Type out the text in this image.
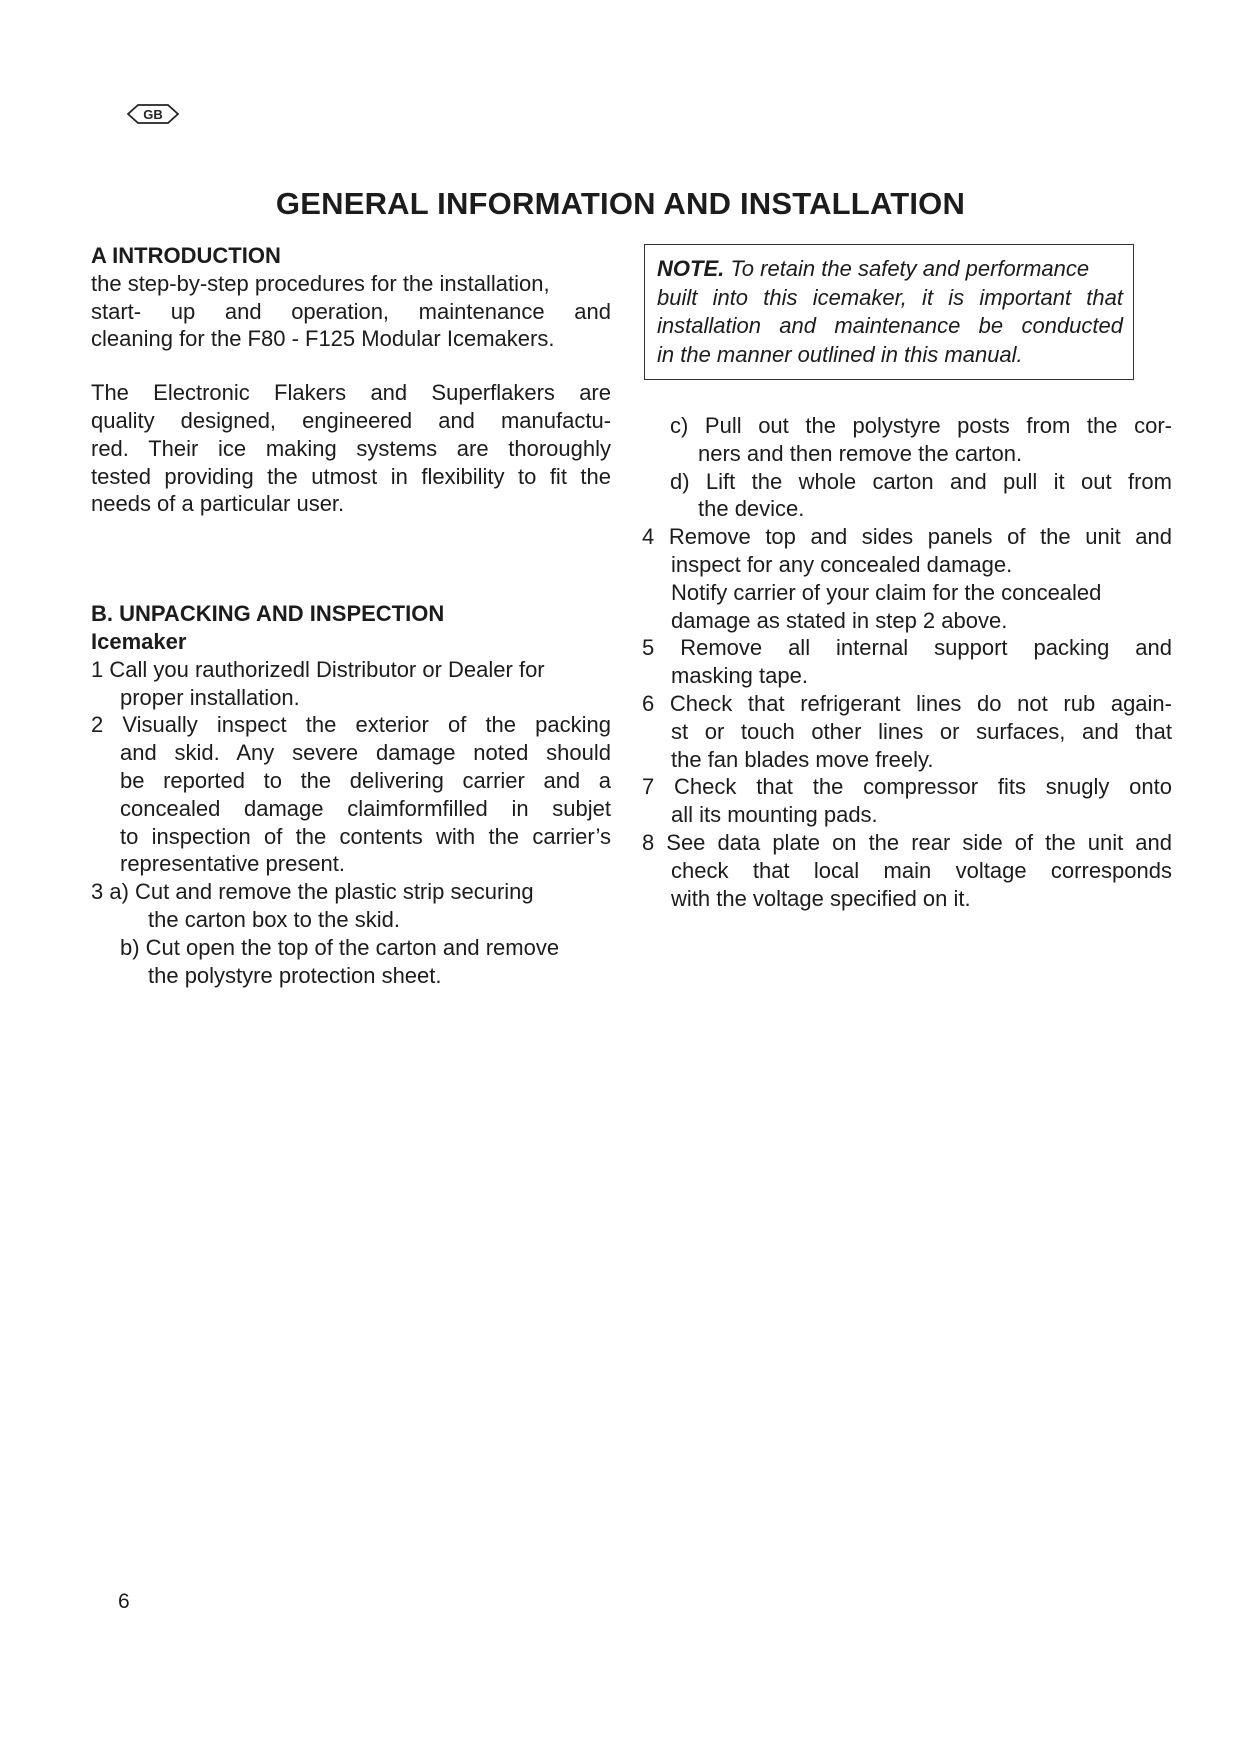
GB
GENERAL INFORMATION AND INSTALLATION
A INTRODUCTION
the step-by-step procedures for the installation,
start- up and operation, maintenance and
cleaning for the F80 - F125 Modular Icemakers.
The Electronic Flakers and Superflakers are
quality designed, engineered and manufactu-
red. Their ice making systems are thoroughly
tested providing the utmost in flexibility to fit the
needs of a particular user.
B. UNPACKING AND INSPECTION
Icemaker
1 Call you rauthorizedl Distributor or Dealer for
proper installation.
2 Visually inspect the exterior of the packing
and skid. Any severe damage noted should
be reported to the delivering carrier and a
concealed damage claimformfilled in subjet
to inspection of the contents with the carrier’s
representative present.
3 a) Cut and remove the plastic strip securing
the carton box to the skid.
b) Cut open the top of the carton and remove
the polystyre protection sheet.
NOTE. To retain the safety and performance
built into this icemaker, it is important that
installation and maintenance be conducted
in the manner outlined in this manual.
c) Pull out the polystyre posts from the cor-
ners and then remove the carton.
d) Lift the whole carton and pull it out from
the device.
4 Remove top and sides panels of the unit and
inspect for any concealed damage.
Notify carrier of your claim for the concealed
damage as stated in step 2 above.
5 Remove all internal support packing and
masking tape.
6 Check that refrigerant lines do not rub again-
st or touch other lines or surfaces, and that
the fan blades move freely.
7 Check that the compressor fits snugly onto
all its mounting pads.
8 See data plate on the rear side of the unit and
check that local main voltage corresponds
with the voltage specified on it.
6
